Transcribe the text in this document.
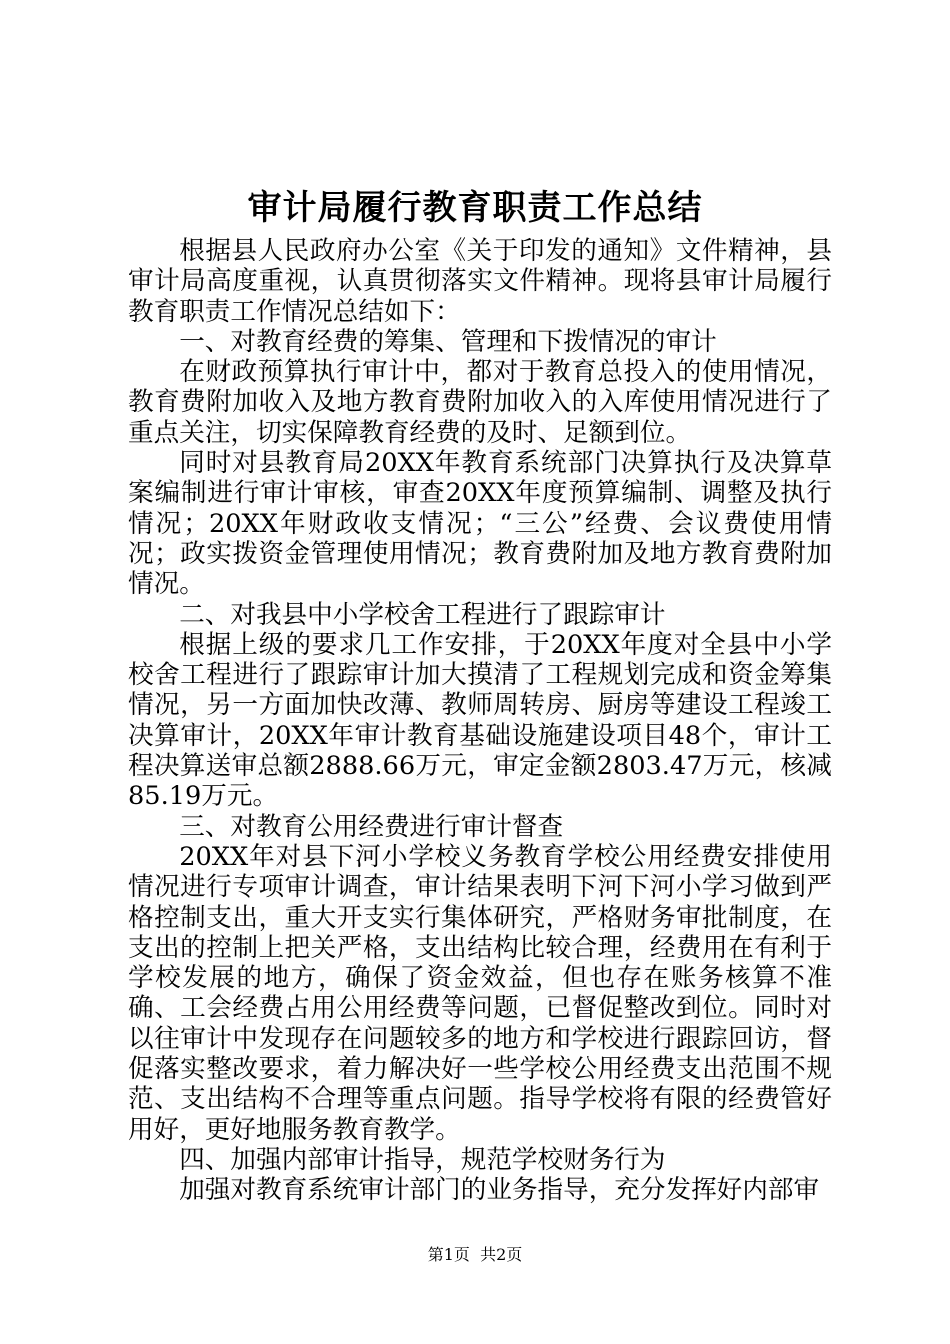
审计局履行教育职责工作总结

根据县人民政府办公室《关于印发的通知》文件精神，县审计局高度重视，认真贯彻落实文件精神。现将县审计局履行教育职责工作情况总结如下：

一、对教育经费的筹集、管理和下拨情况的审计

在财政预算执行审计中，都对于教育总投入的使用情况，教育费附加收入及地方教育费附加收入的入库使用情况进行了重点关注，切实保障教育经费的及时、足额到位。

同时对县教育局20XX年教育系统部门决算执行及决算草案编制进行审计审核，审查20XX年度预算编制、调整及执行情况；20XX年财政收支情况；“三公”经费、会议费使用情况；政实拨资金管理使用情况；教育费附加及地方教育费附加情况。

二、对我县中小学校舍工程进行了跟踪审计

根据上级的要求几工作安排，于20XX年度对全县中小学校舍工程进行了跟踪审计加大摸清了工程规划完成和资金筹集情况，另一方面加快改薄、教师周转房、厨房等建设工程竣工决算审计，20XX年审计教育基础设施建设项目48个，审计工程决算送审总额2888.66万元，审定金额2803.47万元，核减85.19万元。

三、对教育公用经费进行审计督查

20XX年对县下河小学校义务教育学校公用经费安排使用情况进行专项审计调查，审计结果表明下河下河小学习做到严格控制支出，重大开支实行集体研究，严格财务审批制度，在支出的控制上把关严格，支出结构比较合理，经费用在有利于学校发展的地方，确保了资金效益，但也存在账务核算不准确、工会经费占用公用经费等问题，已督促整改到位。同时对以往审计中发现存在问题较多的地方和学校进行跟踪回访，督促落实整改要求，着力解决好一些学校公用经费支出范围不规范、支出结构不合理等重点问题。指导学校将有限的经费管好用好，更好地服务教育教学。

四、加强内部审计指导，规范学校财务行为

加强对教育系统审计部门的业务指导，充分发挥好内部审

第1页 共2页
